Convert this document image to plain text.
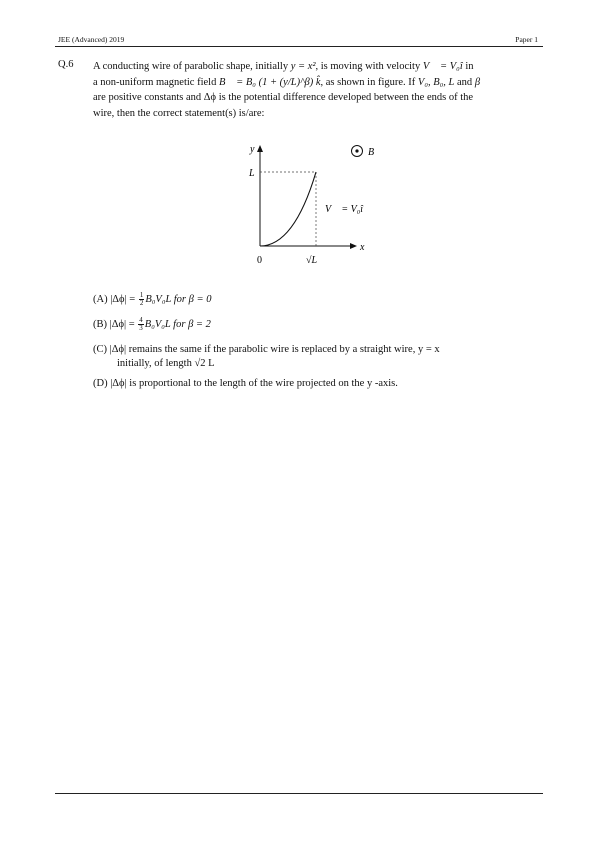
JEE (Advanced) 2019	Paper 1
Q.6 A conducting wire of parabolic shape, initially y = x², is moving with velocity V⃗ = V₀î in
a non-uniform magnetic field B⃗ = B₀ (1 + (y/L)^β) k̂, as shown in figure. If V₀, B₀, L and β
are positive constants and Δϕ is the potential difference developed between the ends of the
wire, then the correct statement(s) is/are:
y
x
0
L
√L
V⃗ = V₀î
B⃗
(A) $|\Delta\phi| = \frac{1}{2} B_0V_0L$ for β = 0
(B) $|\Delta\phi| = \frac{4}{3} B_0V_0L$ for β = 2
(C) |Δϕ| remains the same if the parabolic wire is replaced by a straight wire, y = x
initially, of length √2 L
(D) |Δϕ| is proportional to the length of the wire projected on the y -axis.
